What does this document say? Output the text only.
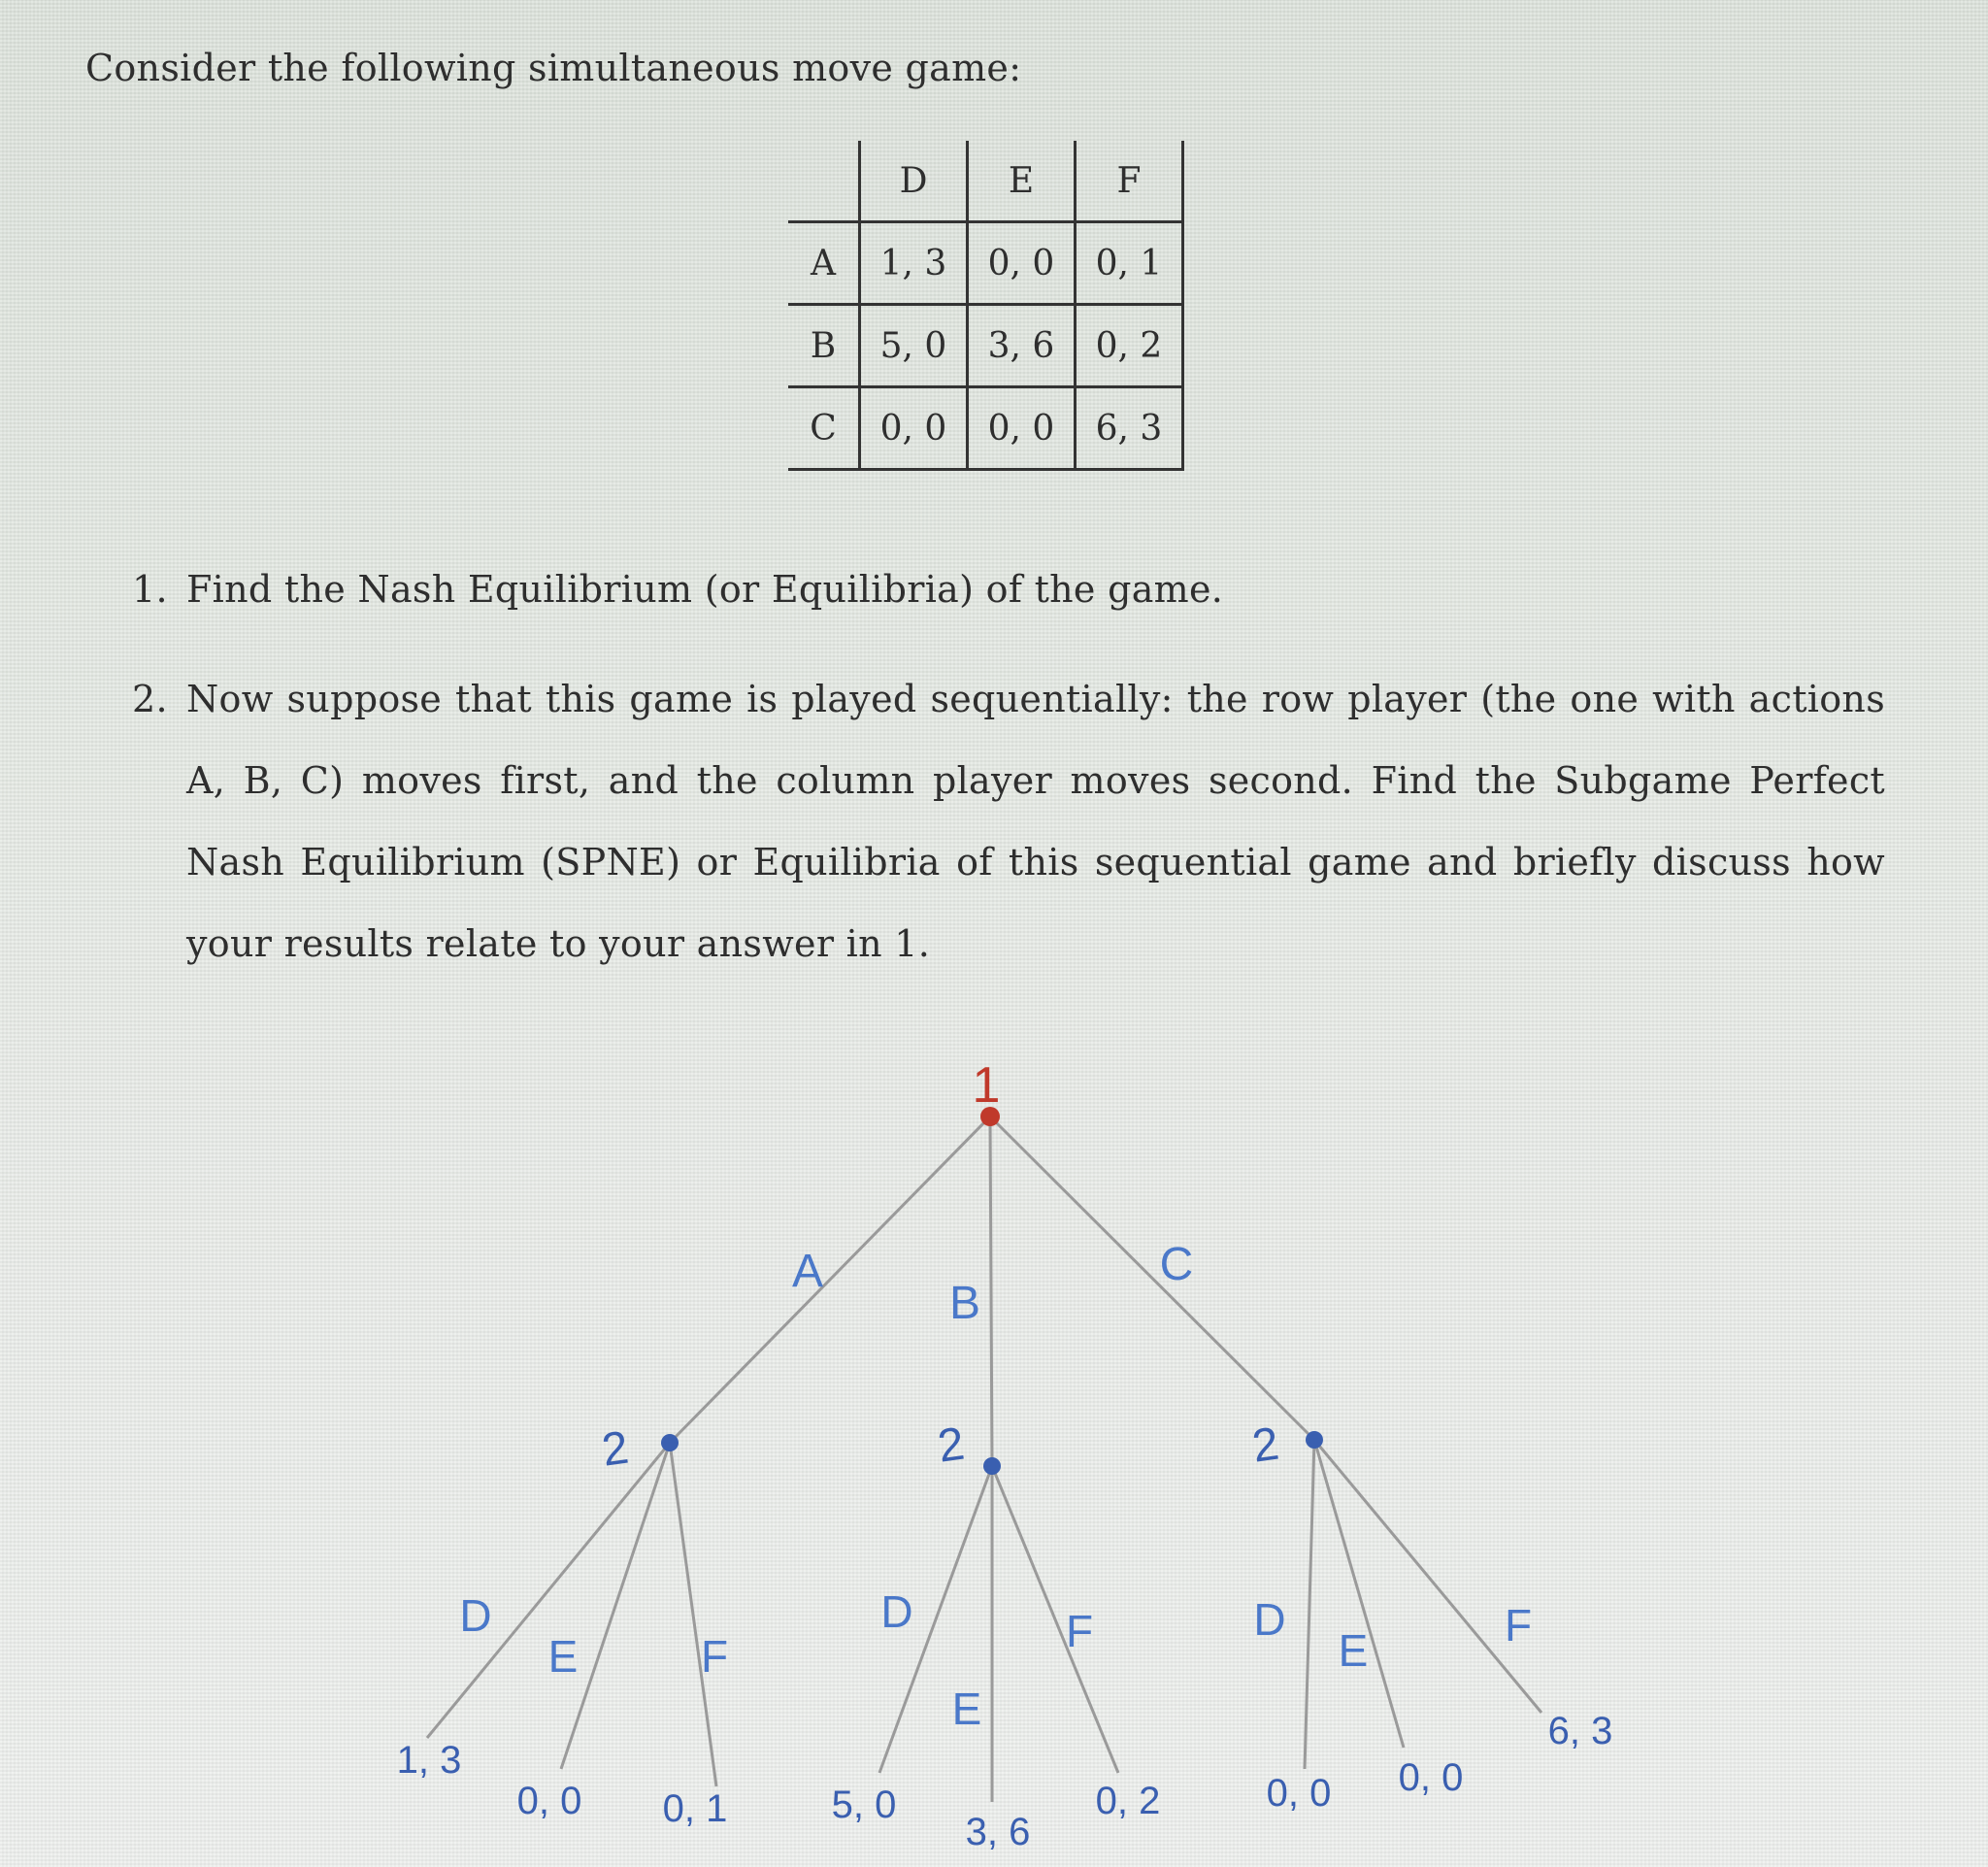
Consider the following simultaneous move game:
	D	E	F
A	1, 3	0, 0	0, 1
B	5, 0	3, 6	0, 2
C	0, 0	0, 0	6, 3
1. Find the Nash Equilibrium (or Equilibria) of the game.
2. Now suppose that this game is played sequentially: the row player (the one with actions A, B, C) moves first, and the column player moves second. Find the Subgame Perfect Nash Equilibrium (SPNE) or Equilibria of this sequential game and briefly discuss how your results relate to your answer in 1.
1
A
B
C
2	2	2
D
E	F
D
E
F	D
E	F
1, 3
0, 0 0, 1	5, 0
3, 6
0, 2	0, 0 0, 0
6, 3
